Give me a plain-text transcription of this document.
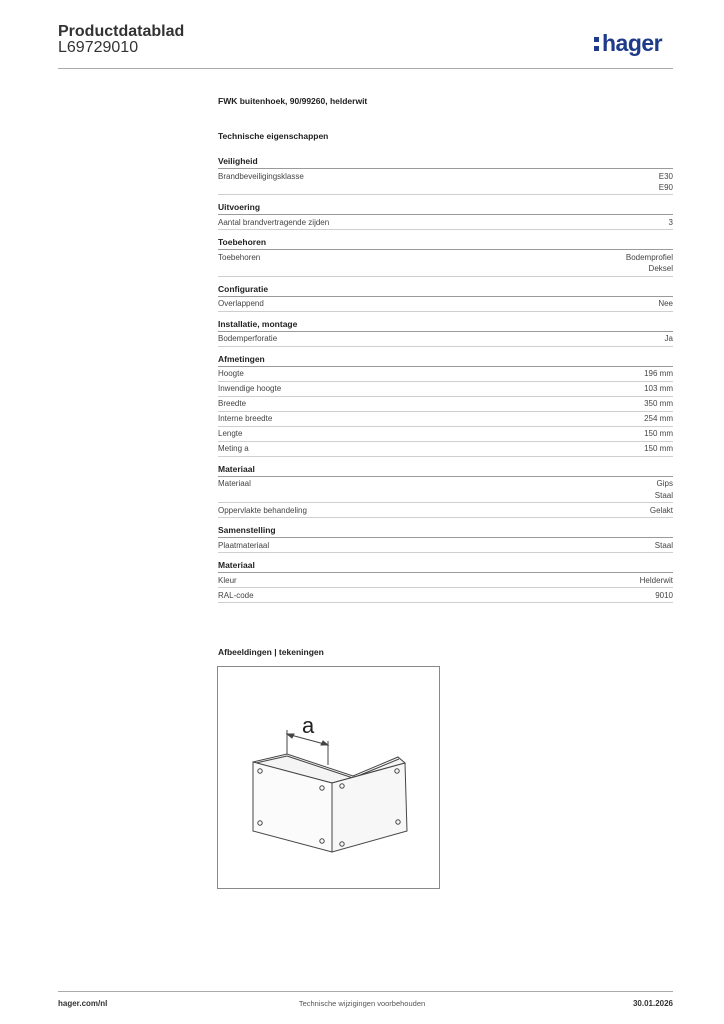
Productdatablad
L69729010	hager
FWK buitenhoek, 90/99260, helderwit
Technische eigenschappen
Veiligheid
Brandbeveiligingsklasse	E30
E90
Uitvoering
Aantal brandvertragende zijden	3
Toebehoren
Toebehoren	Bodemprofiel
Deksel
Configuratie
Overlappend	Nee
Installatie, montage
Bodemperforatie	Ja
Afmetingen
Hoogte	196 mm
Inwendige hoogte	103 mm
Breedte	350 mm
Interne breedte	254 mm
Lengte	150 mm
Meting a	150 mm
Materiaal
Materiaal	Gips
Staal
Oppervlakte behandeling	Gelakt
Samenstelling
Plaatmateriaal	Staal
Materiaal
Kleur	Helderwit
RAL-code	9010
Afbeeldingen | tekeningen
a
hager.com/nl	Technische wijzigingen voorbehouden	30.01.2026
